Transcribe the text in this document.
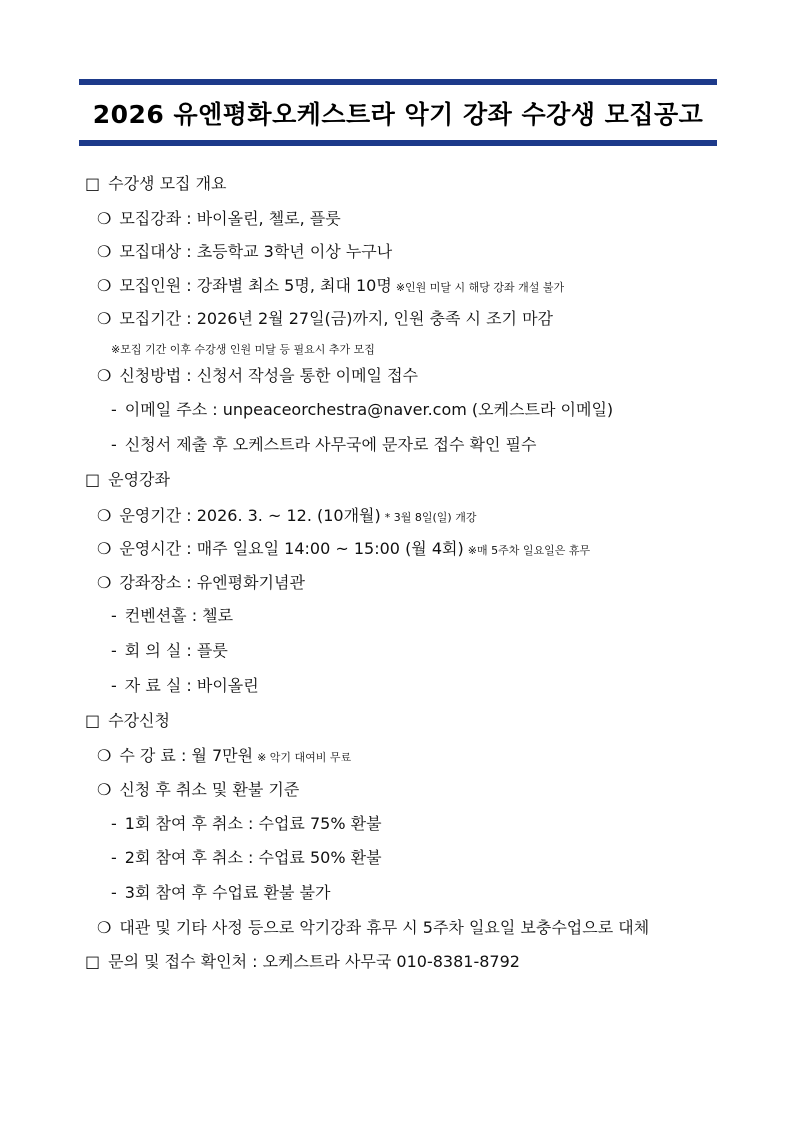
2026 유엔평화오케스트라 악기 강좌 수강생 모집공고
□ 수강생 모집 개요
❍ 모집강좌 : 바이올린, 첼로, 플룻
❍ 모집대상 : 초등학교 3학년 이상 누구나
❍ 모집인원 : 강좌별 최소 5명, 최대 10명 ※인원 미달 시 해당 강좌 개설 불가
❍ 모집기간 : 2026년 2월 27일(금)까지, 인원 충족 시 조기 마감
※모집 기간 이후 수강생 인원 미달 등 필요시 추가 모집
❍ 신청방법 : 신청서 작성을 통한 이메일 접수
- 이메일 주소 : unpeaceorchestra@naver.com (오케스트라 이메일)
- 신청서 제출 후 오케스트라 사무국에 문자로 접수 확인 필수
□ 운영강좌
❍ 운영기간 : 2026. 3. ~ 12. (10개월) * 3월 8일(일) 개강
❍ 운영시간 : 매주 일요일 14:00 ~ 15:00 (월 4회) ※매 5주차 일요일은 휴무
❍ 강좌장소 : 유엔평화기념관
- 컨벤션홀 : 첼로
- 회 의 실 : 플룻
- 자 료 실 : 바이올린
□ 수강신청
❍ 수 강 료 : 월 7만원 ※ 악기 대여비 무료
❍ 신청 후 취소 및 환불 기준
- 1회 참여 후 취소 : 수업료 75% 환불
- 2회 참여 후 취소 : 수업료 50% 환불
- 3회 참여 후 수업료 환불 불가
❍ 대관 및 기타 사정 등으로 악기강좌 휴무 시 5주차 일요일 보충수업으로 대체
□ 문의 및 접수 확인처 : 오케스트라 사무국 010-8381-8792
